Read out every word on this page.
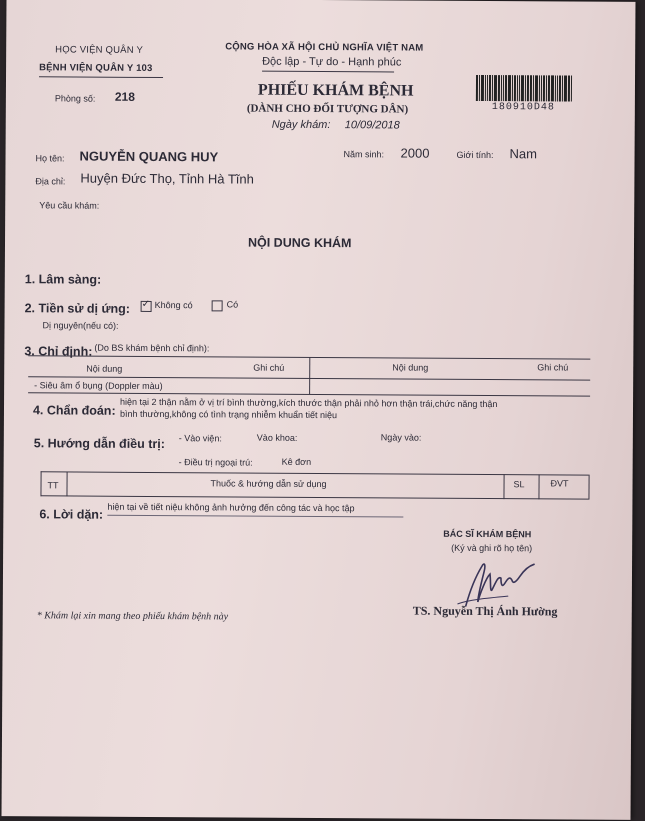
HỌC VIỆN QUÂN Y
BỆNH VIỆN QUÂN Y 103
Phòng số: 218
CỘNG HÒA XÃ HỘI CHỦ NGHĨA VIỆT NAM
Độc lập - Tự do - Hạnh phúc
PHIẾU KHÁM BỆNH
(DÀNH CHO ĐỐI TƯỢNG DÂN)
Ngày khám: 10/09/2018
180910D48
Họ tên: NGUYỄN QUANG HUY	Năm sinh: 2000	Giới tính: Nam
Địa chỉ: Huyện Đức Thọ, Tỉnh Hà Tĩnh
Yêu cầu khám:
NỘI DUNG KHÁM
1. Lâm sàng:
2. Tiền sử dị ứng: ✓ Không có	Có
Dị nguyên(nếu có):
3. Chỉ định: (Do BS khám bệnh chỉ định):
Nội dung	Ghi chú	Nội dung	Ghi chú
- Siêu âm ổ bụng (Doppler màu)
4. Chẩn đoán:
hiện tại 2 thận nằm ở vị trí bình thường,kích thước thận phải nhỏ hơn thận trái,chức năng thận
bình thường,không có tình trạng nhiễm khuẩn tiết niệu
5. Hướng dẫn điều trị: - Vào viện:	Vào khoa:	Ngày vào:
- Điều trị ngoại trú:	Kê đơn
TT	Thuốc & hướng dẫn sử dụng	SL	ĐVT
6. Lời dặn: hiện tại về tiết niệu không ảnh hưởng đến công tác và học tập
BÁC SĨ KHÁM BỆNH
(Ký và ghi rõ họ tên)
TS. Nguyễn Thị Ánh Hường
* Khám lại xin mang theo phiếu khám bệnh này
